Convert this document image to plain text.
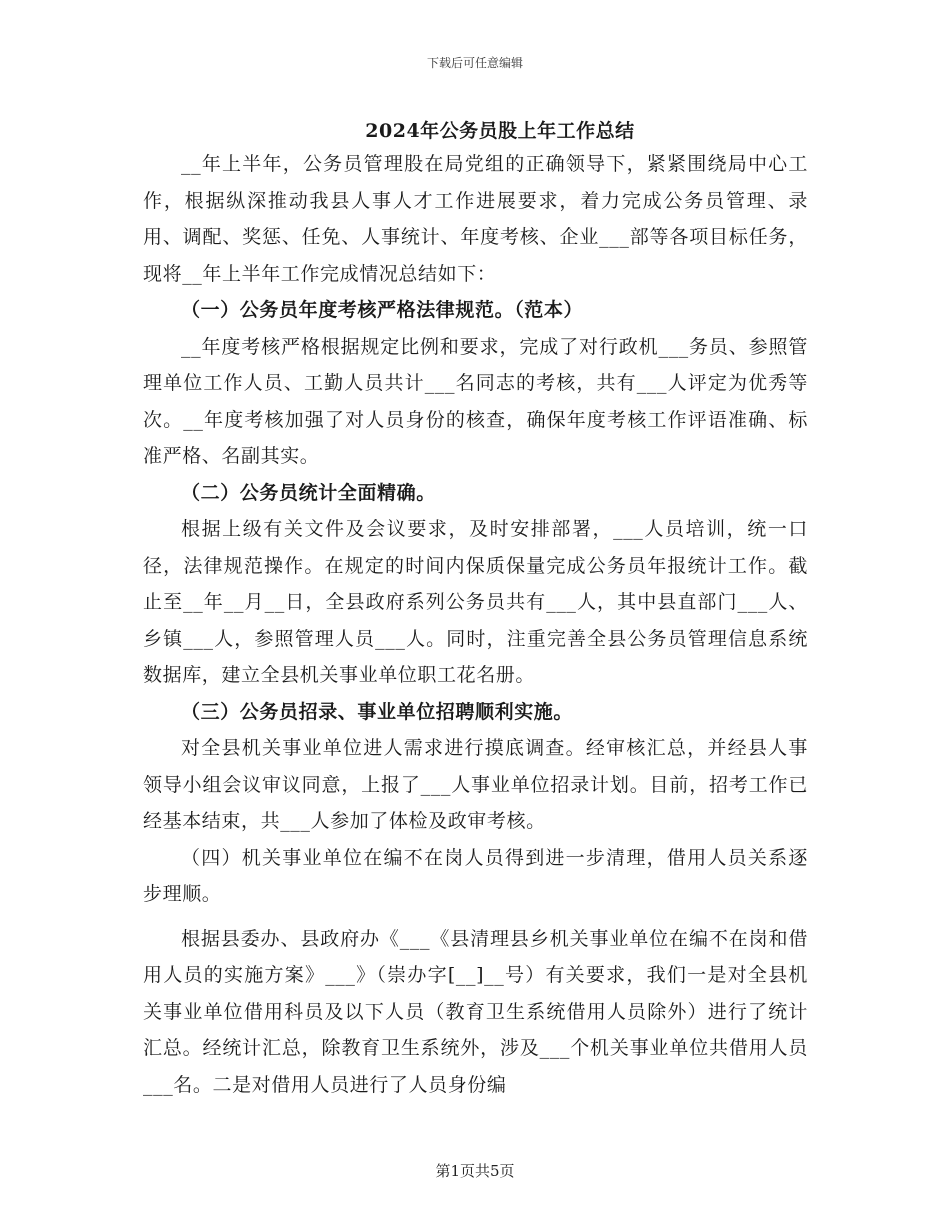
下载后可任意编辑
2024年公务员股上年工作总结

__年上半年，公务员管理股在局党组的正确领导下，紧紧围绕局中心工作，根据纵深推动我县人事人才工作进展要求，着力完成公务员管理、录用、调配、奖惩、任免、人事统计、年度考核、企业___部等各项目标任务，现将__年上半年工作完成情况总结如下：

（一）公务员年度考核严格法律规范。（范本）

__年度考核严格根据规定比例和要求，完成了对行政机___务员、参照管理单位工作人员、工勤人员共计___名同志的考核，共有___人评定为优秀等次。__年度考核加强了对人员身份的核查，确保年度考核工作评语准确、标准严格、名副其实。

（二）公务员统计全面精确。

根据上级有关文件及会议要求，及时安排部署，___人员培训，统一口径，法律规范操作。在规定的时间内保质保量完成公务员年报统计工作。截止至__年__月__日，全县政府系列公务员共有___人，其中县直部门___人、乡镇___人，参照管理人员___人。同时，注重完善全县公务员管理信息系统数据库，建立全县机关事业单位职工花名册。

（三）公务员招录、事业单位招聘顺利实施。

对全县机关事业单位进人需求进行摸底调查。经审核汇总，并经县人事领导小组会议审议同意，上报了___人事业单位招录计划。目前，招考工作已经基本结束，共___人参加了体检及政审考核。

（四）机关事业单位在编不在岗人员得到进一步清理，借用人员关系逐步理顺。

根据县委办、县政府办《___《县清理县乡机关事业单位在编不在岗和借用人员的实施方案》___》（崇办字[__]__号）有关要求，我们一是对全县机关事业单位借用科员及以下人员（教育卫生系统借用人员除外）进行了统计汇总。经统计汇总，除教育卫生系统外，涉及___个机关事业单位共借用人员___名。二是对借用人员进行了人员身份编

第1页共5页
